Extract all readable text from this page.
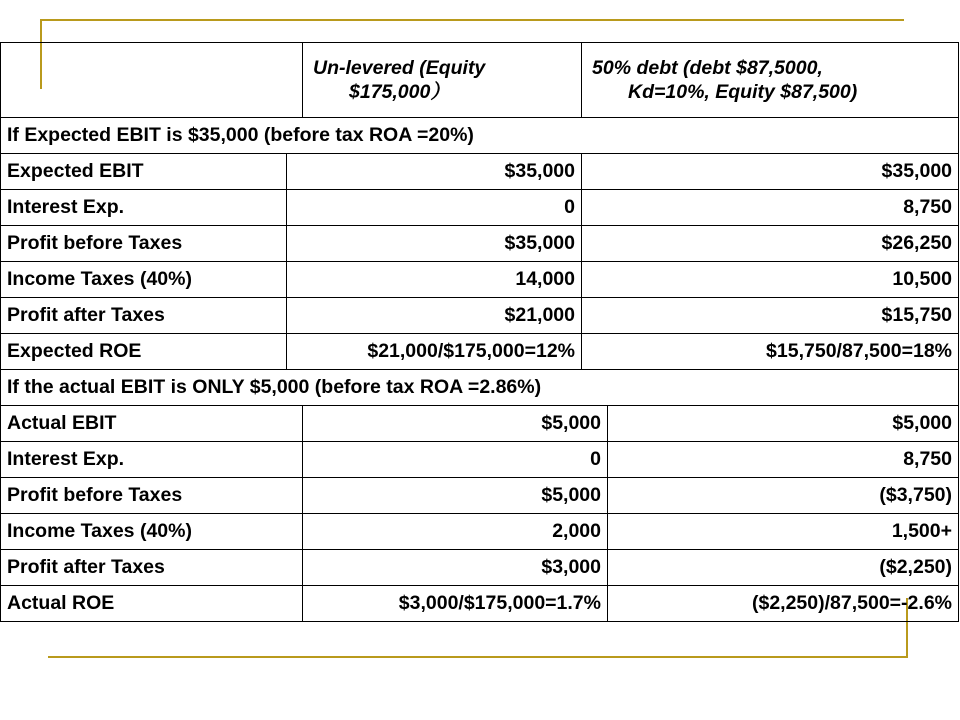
		Un-levered (Equity
$175,000）	50% debt (debt $87,5000,
Kd=10%, Equity $87,500)	

If Expected EBIT is $35,000 (before tax ROA =20%)				
Expected EBIT	$35,000		$35,000	
Interest Exp.	0		8,750	
Profit before Taxes	$35,000		$26,250	
Income Taxes (40%)	14,000		10,500	
Profit after Taxes	$21,000		$15,750	
Expected ROE	$21,000/$175,000=12%		$15,750/87,500=18%	
If the actual EBIT is ONLY $5,000 (before tax ROA =2.86%)				
Actual EBIT		$5,000		$5,000
Interest Exp.		0		8,750
Profit before Taxes		$5,000		($3,750)
Income Taxes (40%)		2,000		1,500+
Profit after Taxes		$3,000		($2,250)
Actual ROE		$3,000/$175,000=1.7%		($2,250)/87,500=-2.6%
